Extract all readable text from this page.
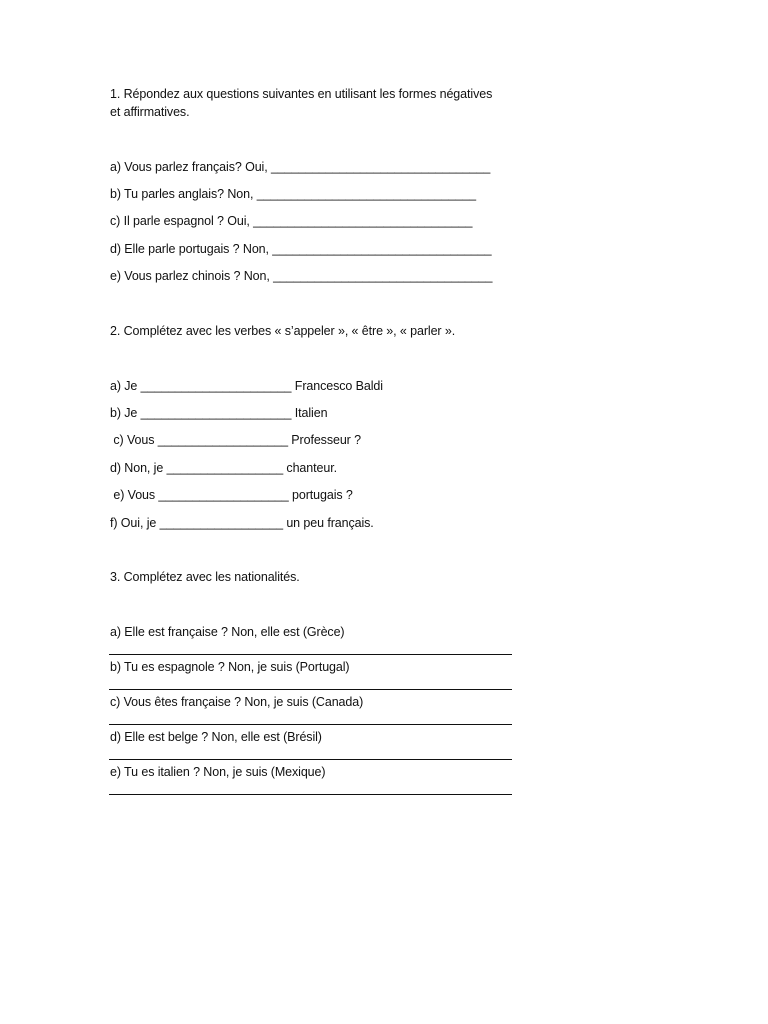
1. Répondez aux questions suivantes en utilisant les formes négatives
et affirmatives.
a) Vous parlez français? Oui, ________________________________
b) Tu parles anglais? Non, ________________________________
c) Il parle espagnol ? Oui, ________________________________
d) Elle parle portugais ? Non, ________________________________
e) Vous parlez chinois ? Non, ________________________________
2. Complétez avec les verbes « s’appeler », « être », « parler ».
a) Je ______________________ Francesco Baldi
b) Je ______________________ Italien
c) Vous ___________________ Professeur ?
d) Non, je _________________ chanteur.
e) Vous ___________________ portugais ?
f) Oui, je __________________ un peu français.
3. Complétez avec les nationalités.
a) Elle est française ? Non, elle est (Grèce)
b) Tu es espagnole ? Non, je suis (Portugal)
c) Vous êtes française ? Non, je suis (Canada)
d) Elle est belge ? Non, elle est (Brésil)
e) Tu es italien ? Non, je suis (Mexique)
